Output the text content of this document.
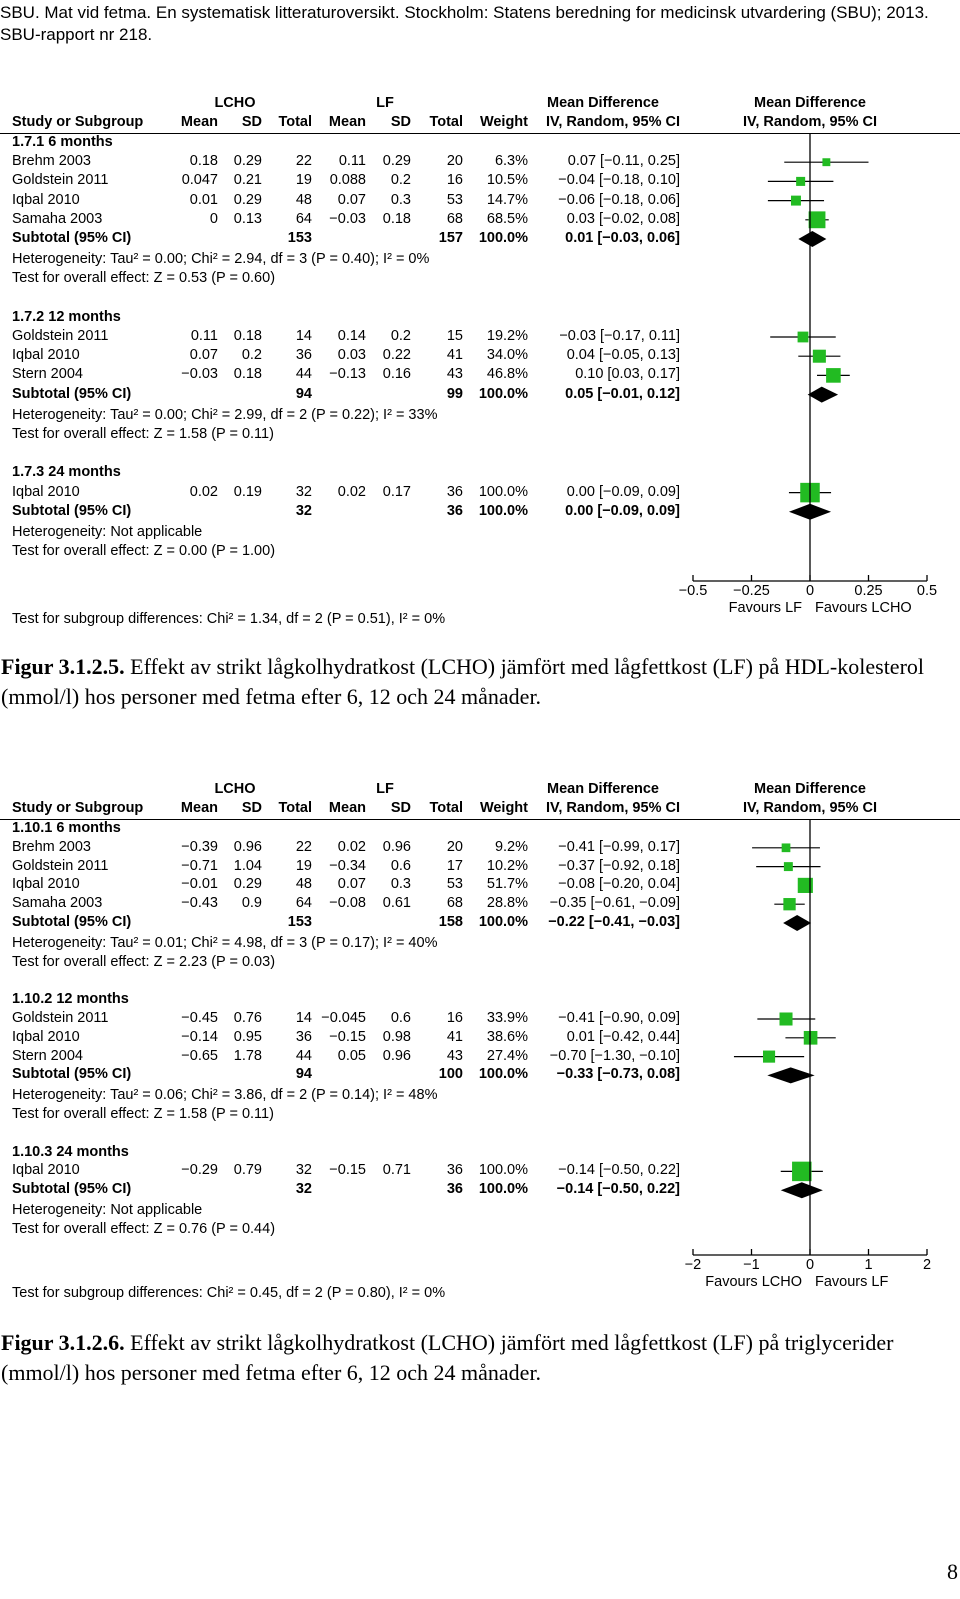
SBU. Mat vid fetma. En systematisk litteraturoversikt. Stockholm: Statens beredning for medicinsk utvardering (SBU); 2013. SBU-rapport nr 218.
LCHO	LF	Mean Difference	Mean Difference
Study or Subgroup	Mean	SD	Total	Mean	SD	Total	Weight	IV, Random, 95% CI	IV, Random, 95% CI
1.7.1 6 months
Brehm 2003	0.18	0.29	22	0.11	0.29	20	6.3%	0.07 [−0.11, 0.25]
Goldstein 2011	0.047	0.21	19	0.088	0.2	16	10.5%	−0.04 [−0.18, 0.10]
Iqbal 2010	0.01	0.29	48	0.07	0.3	53	14.7%	−0.06 [−0.18, 0.06]
Samaha 2003	0	0.13	64	−0.03	0.18	68	68.5%	0.03 [−0.02, 0.08]
Subtotal (95% CI)	153	157	100.0%	0.01 [−0.03, 0.06]
Heterogeneity: Tau² = 0.00; Chi² = 2.94, df = 3 (P = 0.40); I² = 0%
Test for overall effect: Z = 0.53 (P = 0.60)
1.7.2 12 months
Goldstein 2011	0.11	0.18	14	0.14	0.2	15	19.2%	−0.03 [−0.17, 0.11]
Iqbal 2010	0.07	0.2	36	0.03	0.22	41	34.0%	0.04 [−0.05, 0.13]
Stern 2004	−0.03	0.18	44	−0.13	0.16	43	46.8%	0.10 [0.03, 0.17]
Subtotal (95% CI)	94	99	100.0%	0.05 [−0.01, 0.12]
Heterogeneity: Tau² = 0.00; Chi² = 2.99, df = 2 (P = 0.22); I² = 33%
Test for overall effect: Z = 1.58 (P = 0.11)
1.7.3 24 months
Iqbal 2010	0.02	0.19	32	0.02	0.17	36	100.0%	0.00 [−0.09, 0.09]
Subtotal (95% CI)	32	36	100.0%	0.00 [−0.09, 0.09]
Heterogeneity: Not applicable
Test for overall effect: Z = 0.00 (P = 1.00)
−0.5	−0.25	0	0.25	0.5
Favours LF Favours LCHO
Test for subgroup differences: Chi² = 1.34, df = 2 (P = 0.51), I² = 0%
Figur 3.1.2.5. Effekt av strikt lågkolhydratkost (LCHO) jämfört med lågfettkost (LF) på HDL-kolesterol (mmol/l) hos personer med fetma efter 6, 12 och 24 månader.
LCHO	LF	Mean Difference	Mean Difference
Study or Subgroup	Mean	SD	Total	Mean	SD	Total	Weight	IV, Random, 95% CI	IV, Random, 95% CI
1.10.1 6 months
Brehm 2003	−0.39	0.96	22	0.02	0.96	20	9.2%	−0.41 [−0.99, 0.17]
Goldstein 2011	−0.71	1.04	19	−0.34	0.6	17	10.2%	−0.37 [−0.92, 0.18]
Iqbal 2010	−0.01	0.29	48	0.07	0.3	53	51.7%	−0.08 [−0.20, 0.04]
Samaha 2003	−0.43	0.9	64	−0.08	0.61	68	28.8%	−0.35 [−0.61, −0.09]
Subtotal (95% CI)	153	158	100.0%	−0.22 [−0.41, −0.03]
Heterogeneity: Tau² = 0.01; Chi² = 4.98, df = 3 (P = 0.17); I² = 40%
Test for overall effect: Z = 2.23 (P = 0.03)
1.10.2 12 months
Goldstein 2011	−0.45	0.76	14 −0.045	0.6	16	33.9%	−0.41 [−0.90, 0.09]
Iqbal 2010	−0.14	0.95	36	−0.15	0.98	41	38.6%	0.01 [−0.42, 0.44]
Stern 2004	−0.65	1.78	44	0.05	0.96	43	27.4%	−0.70 [−1.30, −0.10]
Subtotal (95% CI)	94	100	100.0%	−0.33 [−0.73, 0.08]
Heterogeneity: Tau² = 0.06; Chi² = 3.86, df = 2 (P = 0.14); I² = 48%
Test for overall effect: Z = 1.58 (P = 0.11)
1.10.3 24 months
Iqbal 2010	−0.29	0.79	32	−0.15	0.71	36	100.0%	−0.14 [−0.50, 0.22]
Subtotal (95% CI)	32	36	100.0%	−0.14 [−0.50, 0.22]
Heterogeneity: Not applicable
Test for overall effect: Z = 0.76 (P = 0.44)
−2	−1	0	1	2
Favours LCHO Favours LF
Test for subgroup differences: Chi² = 0.45, df = 2 (P = 0.80), I² = 0%
Figur 3.1.2.6. Effekt av strikt lågkolhydratkost (LCHO) jämfört med lågfettkost (LF) på triglycerider (mmol/l) hos personer med fetma efter 6, 12 och 24 månader.
8
